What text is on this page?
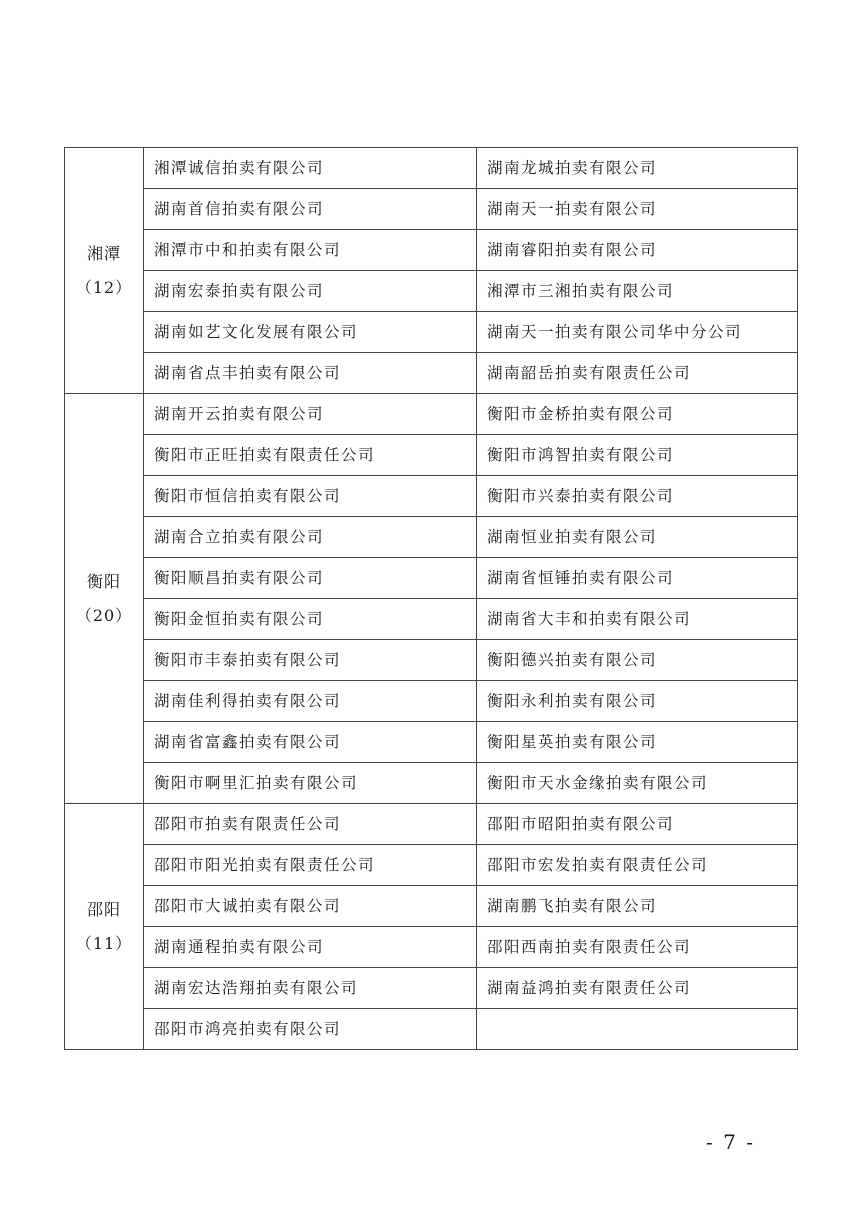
湘潭
（12）	湘潭诚信拍卖有限公司	湖南龙城拍卖有限公司
	湖南首信拍卖有限公司	湖南天一拍卖有限公司
	湘潭市中和拍卖有限公司	湖南睿阳拍卖有限公司
	湖南宏泰拍卖有限公司	湘潭市三湘拍卖有限公司
	湖南如艺文化发展有限公司	湖南天一拍卖有限公司华中分公司
	湖南省点丰拍卖有限公司	湖南韶岳拍卖有限责任公司

衡阳
（20）	湖南开云拍卖有限公司	衡阳市金桥拍卖有限公司
	衡阳市正旺拍卖有限责任公司	衡阳市鸿智拍卖有限公司
	衡阳市恒信拍卖有限公司	衡阳市兴泰拍卖有限公司
	湖南合立拍卖有限公司	湖南恒业拍卖有限公司
	衡阳顺昌拍卖有限公司	湖南省恒锤拍卖有限公司
	衡阳金恒拍卖有限公司	湖南省大丰和拍卖有限公司
	衡阳市丰泰拍卖有限公司	衡阳德兴拍卖有限公司
	湖南佳利得拍卖有限公司	衡阳永利拍卖有限公司
	湖南省富鑫拍卖有限公司	衡阳星英拍卖有限公司
	衡阳市啊里汇拍卖有限公司	衡阳市天水金缘拍卖有限公司

邵阳
（11）	邵阳市拍卖有限责任公司	邵阳市昭阳拍卖有限公司
	邵阳市阳光拍卖有限责任公司	邵阳市宏发拍卖有限责任公司
	邵阳市大诚拍卖有限公司	湖南鹏飞拍卖有限公司
	湖南通程拍卖有限公司	邵阳西南拍卖有限责任公司
	湖南宏达浩翔拍卖有限公司	湖南益鸿拍卖有限责任公司
	邵阳市鸿亮拍卖有限公司	
- 7 -
